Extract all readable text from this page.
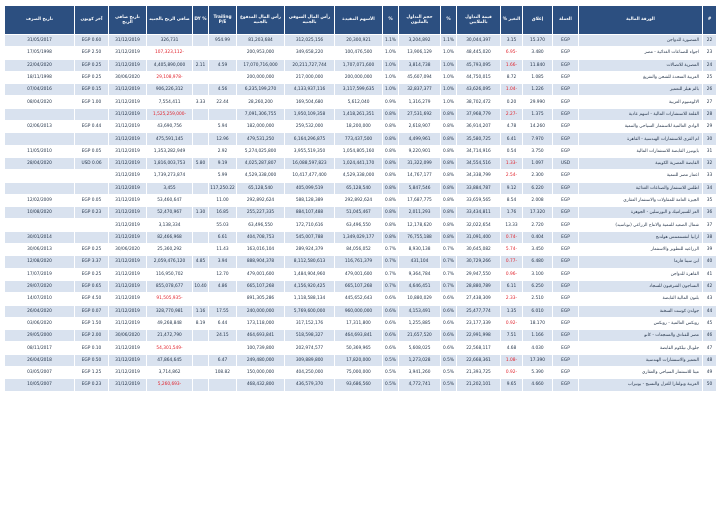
#	الورقة المالية	العملة	إغلاق	التغير %	قيمة التداول بالملايين	%	حجم التداول بالمليون	%	الأسهم المقيدة	رأس المال السوقي بالجنيه	رأس المال المدفوع بالجنيه	Trailing P/E	% DY	صافي الربح بالجنيه	تاريخ صافي الربح	آخر كوبون	تاريخ الصرف
22	المنصورة للدواجن	EGP	15.370	3.15	30,044,397	1.1%	3,204,892	1.1%	20,300,921	312,025,156	81,203,684	954.99		326,731	31/12/2019	EGP 0.60	31/05/2017
23	اجواء للصناعات الغذائية - مصر	EGP	3.480	-6.95	48,445,020	1.0%	13,906,129	1.0%	100,476,500	349,658,220	200,953,000			-107,323,112	31/12/2019	EGP 2.50	17/05/1998
24	المصرية للاتصالات	EGP	11.840	-1.66	45,793,095	1.0%	3,814,738	1.0%	1,707,071,600	20,211,727,744	17,070,716,000	4.59	2.11	4,405,890,000	31/12/2019	EGP 0.25	22/04/2020
25	العربية المتحدة للشحن والتفريغ	EGP	1.085	8.72	44,750,015	1.0%	45,607,094	1.0%	200,000,000	217,000,000	200,000,000			-29,108,978	30/06/2020	EGP 0.25	18/11/1998
26	بالم هيلز للتعمير	EGP	1.226	-1.04	43,626,095	1.0%	32,837,377	1.0%	3,117,599,635	4,133,937,116	6,235,199,270	4.56		906,226,312	31/12/2019	EGP 0.15	07/04/2016
27	الالومنيوم العربية	EGP	29.990	0.20	38,702,472	1.0%	1,316,279	0.9%	5,612,040	169,504,680	28,260,200	22.44	3.33	7,554,411	31/12/2019	EGP 1.00	08/04/2020
28	القلعة للاستشارات المالية - اسهم عادية	EGP	1.375	-2.27	37,968,779	0.8%	27,531,692	0.8%	1,418,261,351	1,950,109,358	7,091,306,755			-1,525,259,000	31/12/2019		
29	الوادي العالمية للاستثمار السياحي والتنمية	EGP	14.260	4.78	36,914,207	0.8%	2,618,907	0.8%	18,200,000	259,532,000	182,000,000	5.94		43,690,756	31/12/2019	EGP 0.44	02/06/2013
30	ام القرى للاستثمارات الهندسية - القاهرة	EGP	7.970	6.41	35,580,725	0.8%	4,499,961	0.8%	773,437,500	6,164,296,875	479,531,250	12.96		475,591,145	31/12/2019		
31	بايونيرز القابضة للاستثمارات المالية	EGP	3.750	0.54	34,714,916	0.8%	9,220,901	0.8%	1,054,805,160	3,955,519,350	5,274,025,800	2.92		1,353,282,949	31/12/2019	EGP 0.05	11/05/2010
32	القابضة المصرية الكويتية	USD	1.097	-1.33	34,554,516	0.8%	31,322,099	0.8%	1,024,441,170	16,088,597,823	4,025,287,807	9.19	5.80	1,816,003,753	31/12/2019	USD 0.06	28/04/2020
33	اعمار مصر للتنمية	EGP	2.300	-2.54	34,338,799	0.8%	14,767,177	0.8%	4,529,338,000	10,417,477,400	4,529,338,000	5.99		1,739,273,874	31/12/2019		
34	اطلس للاستثمار والصناعات الغذائية	EGP	6.220	9.12	33,884,787	0.8%	5,847,546	0.8%	65,128,540	405,099,519	65,128,540	117,250.22		3,455	31/12/2019		
35	الجيزة العامة للمقاولات والاستثمار العقاري	EGP	2.008	8.54	33,659,565	0.8%	17,687,775	0.8%	292,892,624	588,128,389	292,892,624	11.00		53,460,647	31/12/2019	EGP 0.05	12/02/2009
36	العز للسيراميك و البورسلين - الجوهرة	EGP	17.320	1.76	33,434,811	0.8%	2,011,293	0.8%	51,045,467	884,107,488	255,227,335	16.85	1.30	52,470,967	31/12/2019	EGP 0.23	10/08/2020
37	شمال الصعيد للتنمية والانتاج الزراعي (نوباسيد)	EGP	2.720	13.33	32,022,654	0.8%	12,178,620	0.8%	63,496,550	172,710,616	63,496,550	55.03		3,138,334	31/12/2019		
38	ارابيا انفستمنتس هولدنج	EGP	0.404	-0.74	31,091,400	0.8%	76,755,188	0.8%	1,349,029,177	545,007,788	404,708,753	6.61		82,466,968	31/12/2019		30/01/2014
39	الزراعيه للتطوير والاستثمار	EGP	3.450	-5.74	30,645,082	0.7%	8,930,138	0.7%	84,056,052	289,924,379	163,016,104	11.43		25,360,292	30/06/2020	EGP 0.25	30/06/2013
40	ابن سينا فارما	EGP	6.480	-0.77	30,729,266	0.7%	431,104	0.7%	116,761,379	8,112,580,613	888,904,378	3.94	4.85	2,059,476,120	31/12/2019	EGP 3.37	12/08/2020
41	القاهرة للدواجن	EGP	3.100	-0.96	29,947,550	0.7%	9,364,784	0.7%	479,001,600	1,484,904,960	479,001,600	12.70		116,950,702	31/12/2019	EGP 0.25	17/07/2019
42	النساجون الشرقيون للسجاد	EGP	6.250	6.11	28,880,789	0.7%	4,646,451	0.7%	665,107,268	4,156,920,425	665,107,268	4.86	10.40	855,078,677	31/12/2019	EGP 0.65	29/07/2020
43	بلتون المالية القابضة	EGP	2.510	-2.33	27,438,309	0.6%	10,880,029	0.6%	445,652,643	1,118,588,134	891,305,286			-91,505,935	31/12/2019	EGP 4.50	14/07/2010
44	جولدن كوست السخنة	EGP	6.010	1.35	25,477,774	0.6%	4,153,491	0.6%	960,000,000	5,769,600,000	240,000,000	17.55	1.16	328,770,981	31/12/2019	EGP 0.07	26/04/2020
45	روبكس العالمية - روبكس	EGP	18.170	-0.92	23,177,339	0.6%	1,255,885	0.6%	17,311,800	317,152,176	173,118,000	6.44	8.19	49,268,848	31/12/2019	EGP 1.50	03/06/2020
46	مصر للفنادق والمنتجعات - كانو	EGP	1.166	7.51	22,991,998	0.6%	21,657,520	0.6%	464,693,841	518,598,327	464,693,841	24.15		21,472,790	30/06/2020	EGP 2.00	29/05/2000
47	جلوبال تيلكوم القابضة	EGP	4.030	4.68	22,568,117	0.6%	5,608,025	0.6%	50,369,965	202,974,577	100,739,800			-54,301,549	31/12/2019	EGP 0.10	08/11/2017
48	التعمير والاستشارات الهندسية	EGP	17.390	-1.08	22,668,361	0.5%	1,273,028	0.5%	17,820,000	309,889,800	249,480,000	6.47		47,864,645	31/12/2019	EGP 0.50	26/04/2018
49	ميثا للاستثمار السياحي والعقاري	EGP	5.390	-0.92	21,393,725	0.5%	3,941,260	0.5%	75,000,000	404,250,000	150,000,000	108.82		3,714,862	31/12/2019	EGP 1.25	03/05/2007
50	العربية وبولفارا للغزل والنسيج - يونيراب	EGP	4.660	9.65	21,202,101	0.5%	4,772,741	0.5%	93,686,560	436,579,370	468,432,800			-5,260,693	31/12/2019	EGP 0.23	10/05/2007
